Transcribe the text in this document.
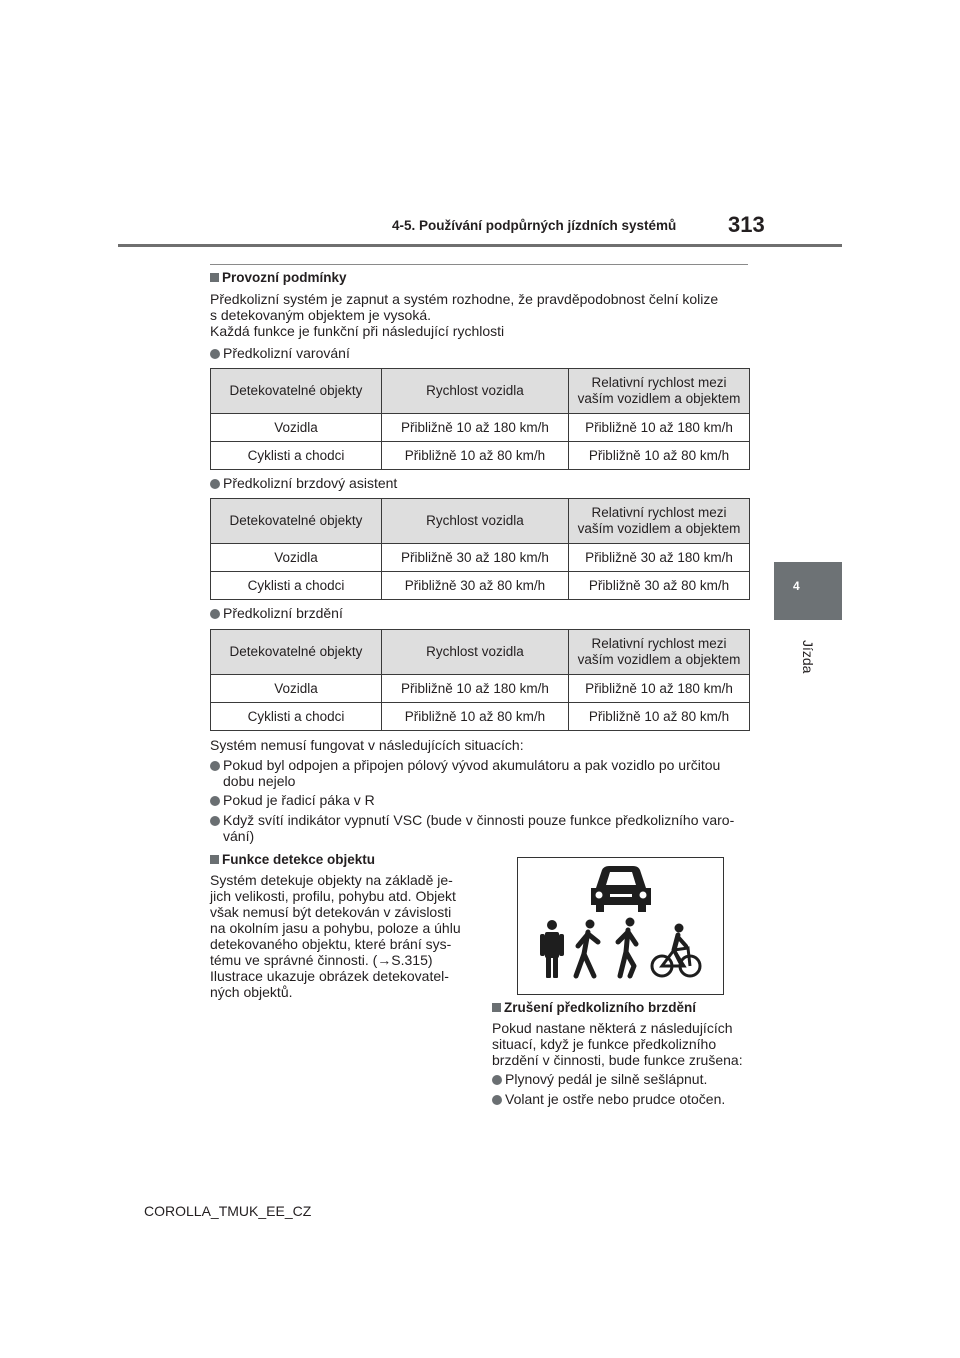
4-5. Používání podpůrných jízdních systémů 313
4
Jízda
Provozní podmínky
Předkolizní systém je zapnut a systém rozhodne, že pravděpodobnost čelní kolize
s detekovaným objektem je vysoká.
Každá funkce je funkční při následující rychlosti
Předkolizní varování
Detekovatelné objekty	Rychlost vozidla	Relativní rychlost mezi
vaším vozidlem a objektem
Vozidla	Přibližně 10 až 180 km/h	Přibližně 10 až 180 km/h
Cyklisti a chodci	Přibližně 10 až 80 km/h	Přibližně 10 až 80 km/h
Předkolizní brzdový asistent
Detekovatelné objekty	Rychlost vozidla	Relativní rychlost mezi
vaším vozidlem a objektem
Vozidla	Přibližně 30 až 180 km/h	Přibližně 30 až 180 km/h
Cyklisti a chodci	Přibližně 30 až 80 km/h	Přibližně 30 až 80 km/h
Předkolizní brzdění
Detekovatelné objekty	Rychlost vozidla	Relativní rychlost mezi
vaším vozidlem a objektem
Vozidla	Přibližně 10 až 180 km/h	Přibližně 10 až 180 km/h
Cyklisti a chodci	Přibližně 10 až 80 km/h	Přibližně 10 až 80 km/h
Systém nemusí fungovat v následujících situacích:
Pokud byl odpojen a připojen pólový vývod akumulátoru a pak vozidlo po určitou
dobu nejelo
Pokud je řadicí páka v R
Když svítí indikátor vypnutí VSC (bude v činnosti pouze funkce předkolizního varo-
vání)
Funkce detekce objektu
Systém detekuje objekty na základě je-
jich velikosti, profilu, pohybu atd. Objekt
však nemusí být detekován v závislosti
na okolním jasu a pohybu, poloze a úhlu
detekovaného objektu, které brání sys-
tému ve správné činnosti. (→S.315)
Ilustrace ukazuje obrázek detekovatel-
ných objektů.
Zrušení předkolizního brzdění
Pokud nastane některá z následujících
situací, když je funkce předkolizního
brzdění v činnosti, bude funkce zrušena:
Plynový pedál je silně sešlápnut.
Volant je ostře nebo prudce otočen.
COROLLA_TMUK_EE_CZ
